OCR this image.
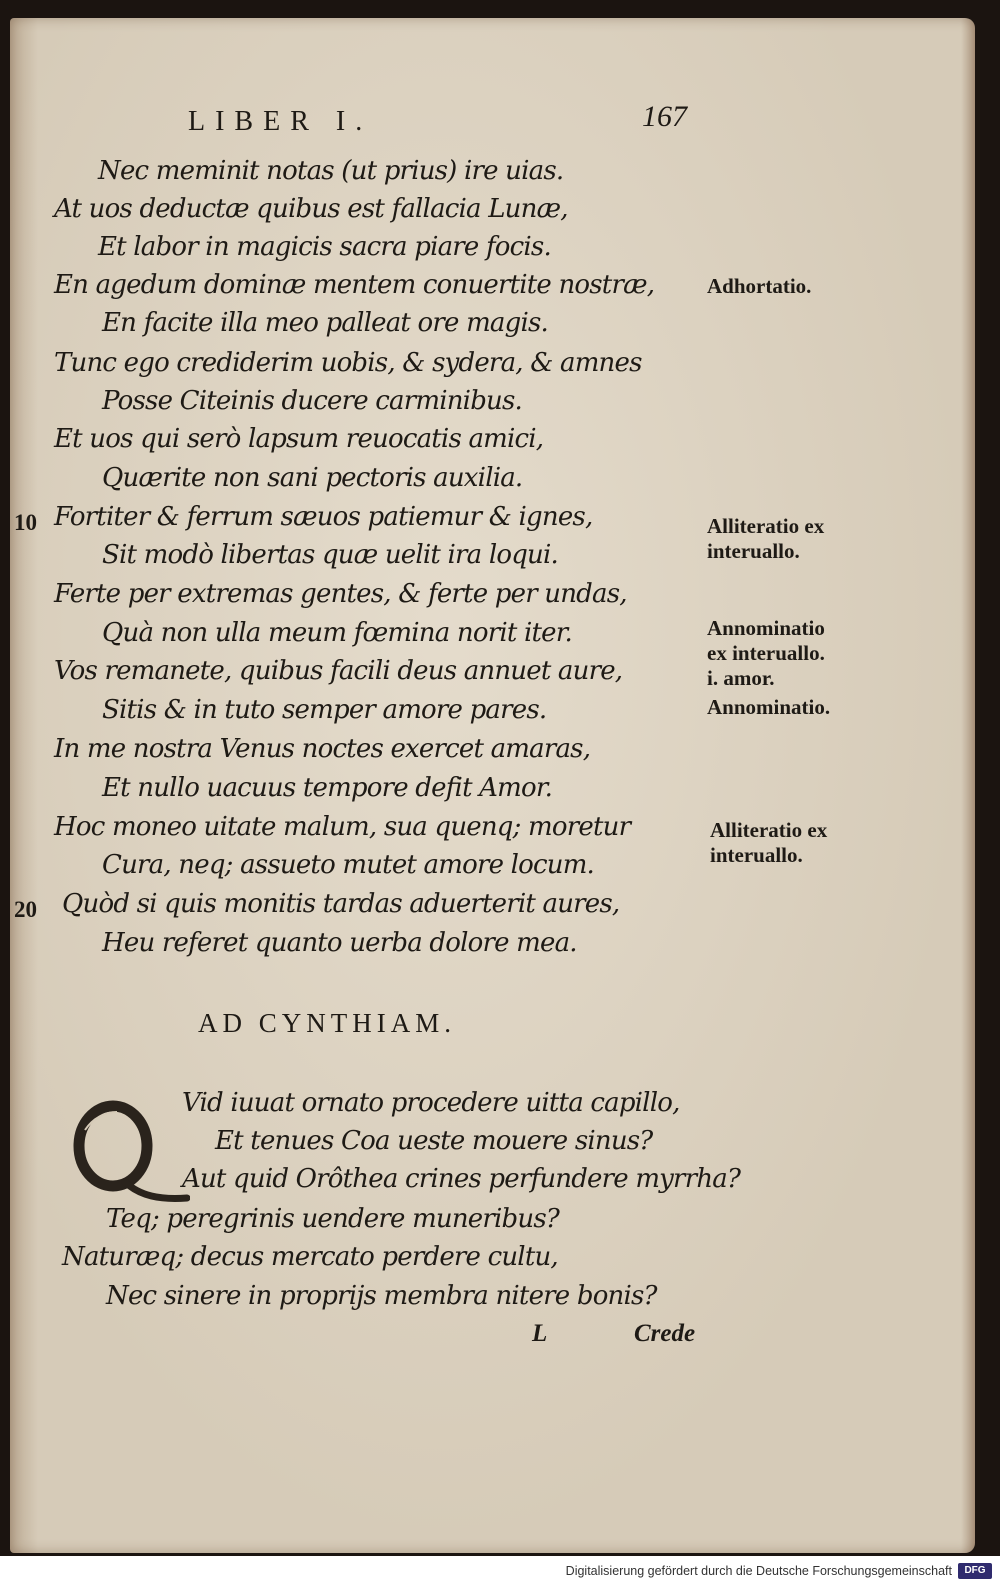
LIBER I.	167
Nec meminit notas (ut prius) ire uias.
At uos deductæ quibus est fallacia Lunæ,
Et labor in magicis sacra piare focis.
En agedum dominæ mentem conuertite nostræ,
En facite illa meo palleat ore magis.
Tunc ego crediderim uobis, & sydera, & amnes
Posse Citeinis ducere carminibus.
Et uos qui serò lapsum reuocatis amici,
Quærite non sani pectoris auxilia.
Fortiter & ferrum sæuos patiemur & ignes,
Sit modò libertas quæ uelit ira loqui.
Ferte per extremas gentes, & ferte per undas,
Quà non ulla meum fœmina norit iter.
Vos remanete, quibus facili deus annuet aure,
Sitis & in tuto semper amore pares.
In me nostra Venus noctes exercet amaras,
Et nullo uacuus tempore defit Amor.
Hoc moneo uitate malum, sua quenq; moretur
Cura, neq; assueto mutet amore locum.
Quòd si quis monitis tardas aduerterit aures,
Heu referet quanto uerba dolore mea.
10
20
Adhortatio.
Alliteratio ex
interuallo.
Annominatio
ex interuallo.
i. amor.
Annominatio.
Alliteratio ex
interuallo.
AD CYNTHIAM.
Vid iuuat ornato procedere uitta capillo,
Et tenues Coa ueste mouere sinus?
Aut quid Orôthea crines perfundere myrrha?
Teq; peregrinis uendere muneribus?
Naturæq; decus mercato perdere cultu,
Nec sinere in proprijs membra nitere bonis?
L	Crede
Digitalisierung gefördert durch die Deutsche Forschungsgemeinschaft	DFG
